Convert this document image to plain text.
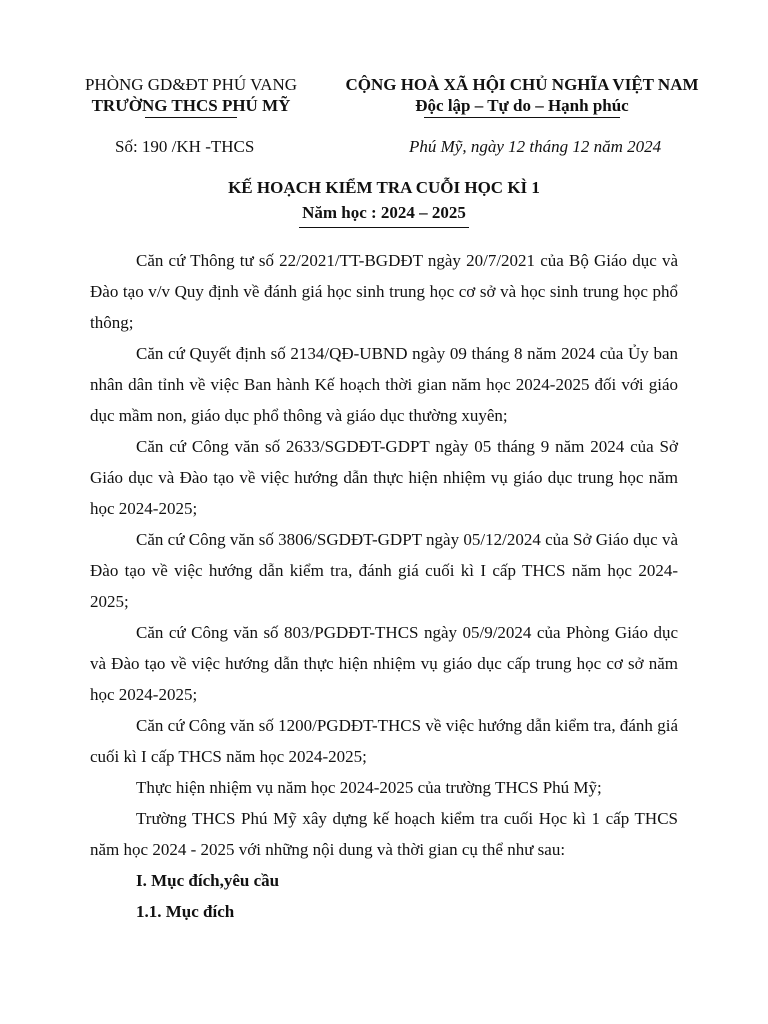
PHÒNG GD&ĐT PHÚ VANG
TRƯỜNG THCS PHÚ MỸ
CỘNG HOÀ XÃ HỘI CHỦ NGHĨA VIỆT NAM
Độc lập – Tự do – Hạnh phúc
Số: 190 /KH -THCS	Phú Mỹ, ngày 12 tháng 12 năm 2024
KẾ HOẠCH KIỂM TRA CUỖI HỌC KÌ 1
Năm học : 2024 – 2025

Căn cứ Thông tư số 22/2021/TT-BGDĐT ngày 20/7/2021 của Bộ Giáo dục và Đào tạo v/v Quy định về đánh giá học sinh trung học cơ sở và học sinh trung học phổ thông;

Căn cứ Quyết định số 2134/QĐ-UBND ngày 09 tháng 8 năm 2024 của Ủy ban nhân dân tỉnh về việc Ban hành Kế hoạch thời gian năm học 2024-2025 đối với giáo dục mầm non, giáo dục phổ thông và giáo dục thường xuyên;

Căn cứ Công văn số 2633/SGDĐT-GDPT ngày 05 tháng 9 năm 2024 của Sở Giáo dục và Đào tạo về việc hướng dẫn thực hiện nhiệm vụ giáo dục trung học năm học 2024-2025;

Căn cứ Công văn số 3806/SGDĐT-GDPT ngày 05/12/2024 của Sở Giáo dục và Đào tạo về việc hướng dẫn kiểm tra, đánh giá cuối kì I cấp THCS năm học 2024- 2025;

Căn cứ Công văn số 803/PGDĐT-THCS ngày 05/9/2024 của Phòng Giáo dục và Đào tạo về việc hướng dẫn thực hiện nhiệm vụ giáo dục cấp trung học cơ sở năm học 2024-2025;

Căn cứ Công văn số 1200/PGDĐT-THCS về việc hướng dẫn kiểm tra, đánh giá cuối kì I cấp THCS năm học 2024-2025;

Thực hiện nhiệm vụ năm học 2024-2025 của trường THCS Phú Mỹ;

Trường THCS Phú Mỹ xây dựng kế hoạch kiểm tra cuối Học kì 1 cấp THCS năm học 2024 - 2025 với những nội dung và thời gian cụ thể như sau:

I. Mục đích,yêu cầu

1.1. Mục đích
